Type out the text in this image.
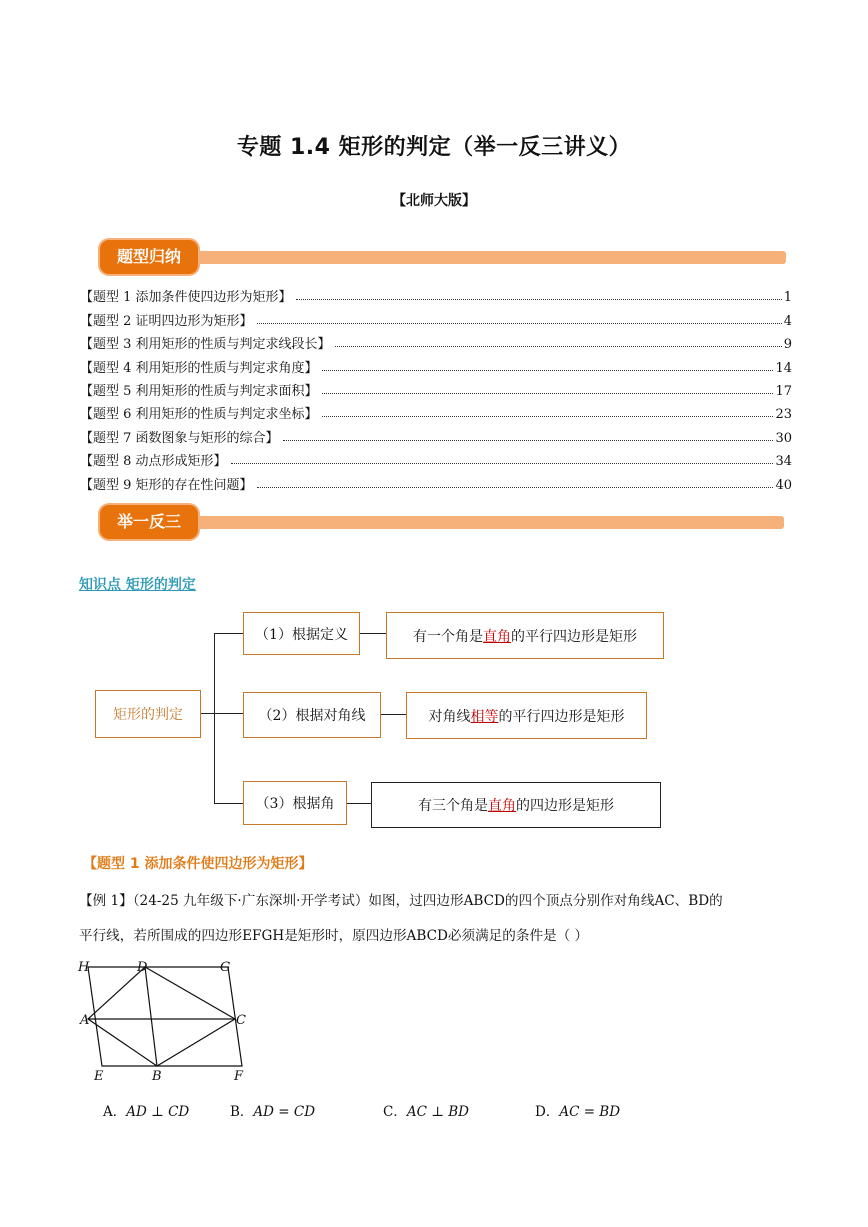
专题 1.4 矩形的判定（举一反三讲义）
【北师大版】
题型归纳
【题型 1 添加条件使四边形为矩形】	1
【题型 2 证明四边形为矩形】	4
【题型 3 利用矩形的性质与判定求线段长】	9
【题型 4 利用矩形的性质与判定求角度】	14
【题型 5 利用矩形的性质与判定求面积】	17
【题型 6 利用矩形的性质与判定求坐标】	23
【题型 7 函数图象与矩形的综合】	30
【题型 8 动点形成矩形】	34
【题型 9 矩形的存在性问题】	40
举一反三
知识点 矩形的判定
矩形的判定
（1）根据定义	有一个角是直角的平行四边形是矩形
（2）根据对角线	对角线相等的平行四边形是矩形
（3）根据角	有三个角是直角的四边形是矩形
【题型 1 添加条件使四边形为矩形】
【例 1】（24-25 九年级下·广东深圳·开学考试）如图，过四边形ABCD的四个顶点分别作对角线AC、BD的
平行线，若所围成的四边形EFGH是矩形时，原四边形ABCD必须满足的条件是（ ）
H	D	G
A	C
E	B	F
A．AD ⊥ CD	B．AD = CD	C．AC ⊥ BD	D．AC = BD
